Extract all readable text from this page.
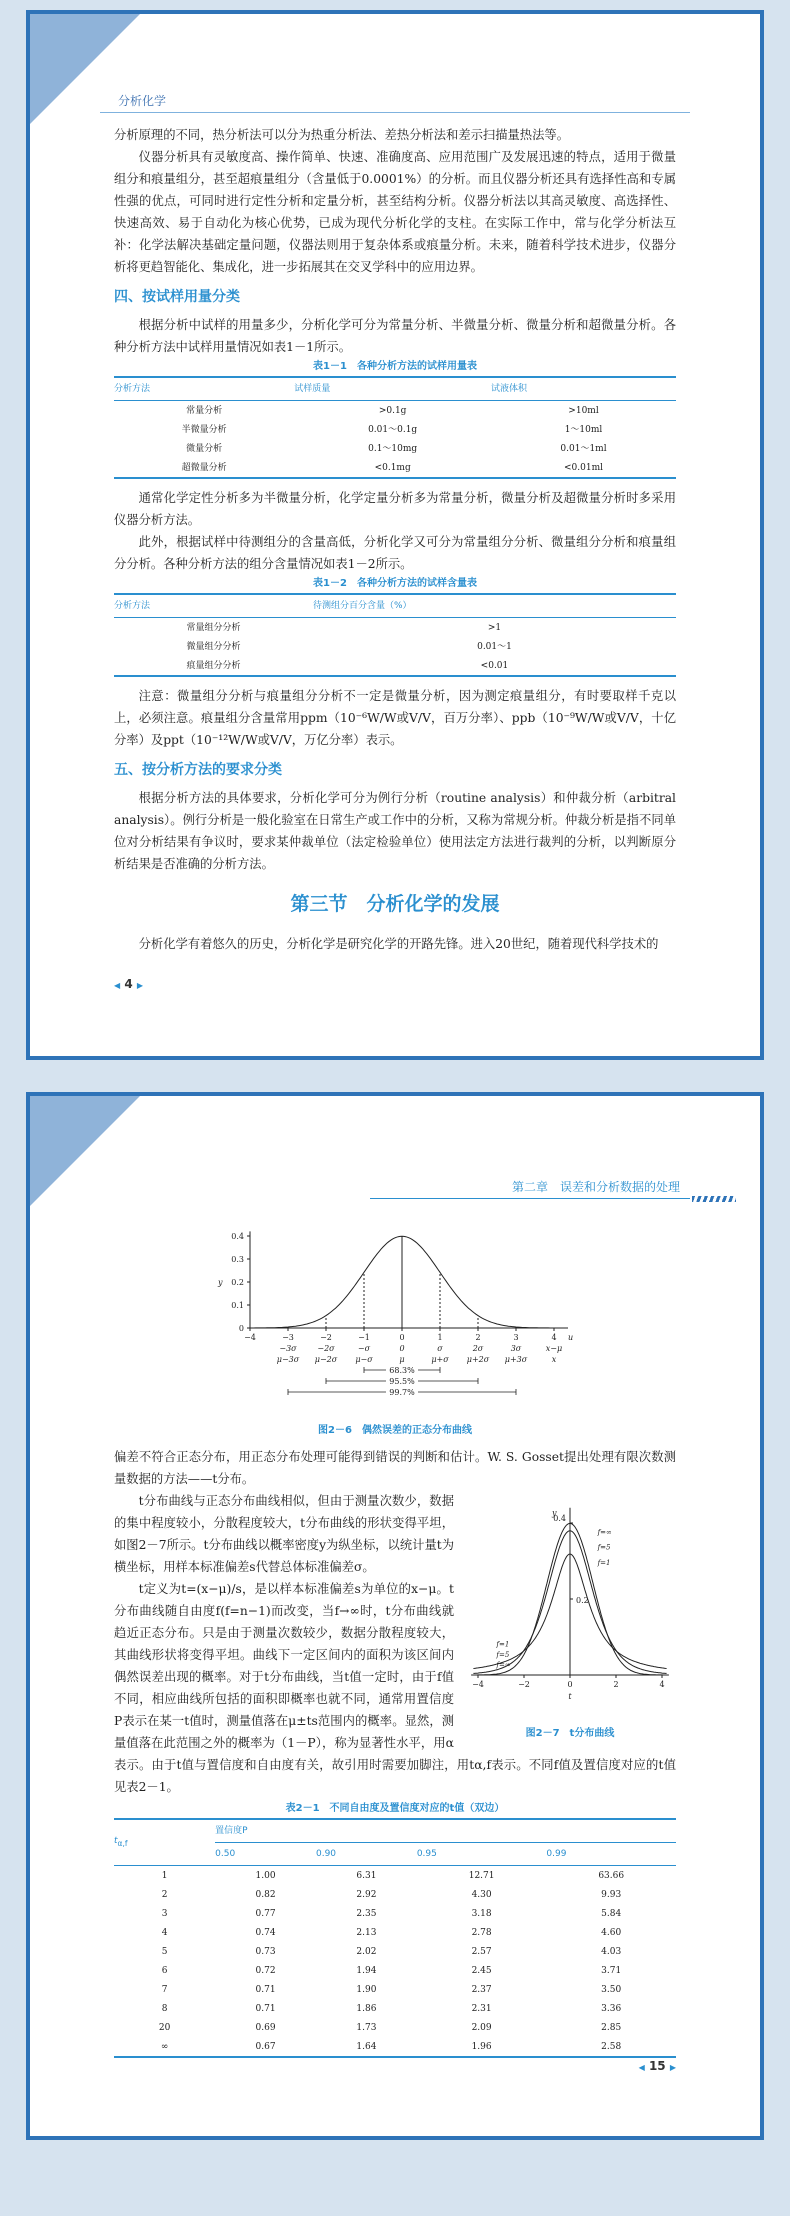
分析化学

分析原理的不同，热分析法可以分为热重分析法、差热分析法和差示扫描量热法等。

仪器分析具有灵敏度高、操作简单、快速、准确度高、应用范围广及发展迅速的特点，适用于微量组分和痕量组分，甚至超痕量组分（含量低于0.0001%）的分析。而且仪器分析还具有选择性高和专属性强的优点，可同时进行定性分析和定量分析，甚至结构分析。仪器分析法以其高灵敏度、高选择性、快速高效、易于自动化为核心优势，已成为现代分析化学的支柱。在实际工作中，常与化学分析法互补：化学法解决基础定量问题，仪器法则用于复杂体系或痕量分析。未来，随着科学技术进步，仪器分析将更趋智能化、集成化，进一步拓展其在交叉学科中的应用边界。

四、按试样用量分类

根据分析中试样的用量多少，分析化学可分为常量分析、半微量分析、微量分析和超微量分析。各种分析方法中试样用量情况如表1－1所示。

表1－1　各种分析方法的试样用量表
分析方法	试样质量	试液体积
常量分析	>0.1g	>10ml
半微量分析	0.01～0.1g	1～10ml
微量分析	0.1～10mg	0.01～1ml
超微量分析	<0.1mg	<0.01ml

通常化学定性分析多为半微量分析，化学定量分析多为常量分析，微量分析及超微量分析时多采用仪器分析方法。

此外，根据试样中待测组分的含量高低，分析化学又可分为常量组分分析、微量组分分析和痕量组分分析。各种分析方法的组分含量情况如表1－2所示。

表1－2　各种分析方法的试样含量表
分析方法	待测组分百分含量（%）
常量组分分析	>1
微量组分分析	0.01～1
痕量组分分析	<0.01

注意：微量组分分析与痕量组分分析不一定是微量分析，因为测定痕量组分，有时要取样千克以上，必须注意。痕量组分含量常用ppm（10⁻⁶W/W或V/V，百万分率）、ppb（10⁻⁹W/W或V/V，十亿分率）及ppt（10⁻¹²W/W或V/V，万亿分率）表示。

五、按分析方法的要求分类

根据分析方法的具体要求，分析化学可分为例行分析（routine analysis）和仲裁分析（arbitral analysis）。例行分析是一般化验室在日常生产或工作中的分析，又称为常规分析。仲裁分析是指不同单位对分析结果有争议时，要求某仲裁单位（法定检验单位）使用法定方法进行裁判的分析，以判断原分析结果是否准确的分析方法。

第三节　分析化学的发展

分析化学有着悠久的历史，分析化学是研究化学的开路先锋。进入20世纪，随着现代科学技术的

◀ 4 ▶
第二章　误差和分析数据的处理
0
0.1
0.2
0.3
0.4
y
−4	−3	−2	−1	0	1	2	3	4 u
−3σ	−2σ	−σ	0	σ	2σ	3σ	x−μ
μ−3σ μ−2σ μ−σ	μ	μ+σ μ+2σ μ+3σ	x
68.3%
95.5%
99.7%
图2－6　偶然误差的正态分布曲线

偏差不符合正态分布，用正态分布处理可能得到错误的判断和估计。W. S. Gosset提出处理有限次数测量数据的方法——t分布。

0.4
0.2
y
−4	−2	0	2	4
t
f=∞
f=5
f=1
f=1
f=5
f=∞
图2－7　t分布曲线

t分布曲线与正态分布曲线相似，但由于测量次数少，数据的集中程度较小，分散程度较大，t分布曲线的形状变得平坦，如图2－7所示。t分布曲线以概率密度y为纵坐标，以统计量t为横坐标，用样本标准偏差s代替总体标准偏差σ。

t定义为t=(x−μ)/s，是以样本标准偏差s为单位的x−μ。t分布曲线随自由度f(f=n−1)而改变，当f→∞时，t分布曲线就趋近正态分布。只是由于测量次数较少，数据分散程度较大，其曲线形状将变得平坦。曲线下一定区间内的面积为该区间内偶然误差出现的概率。对于t分布曲线，当t值一定时，由于f值不同，相应曲线所包括的面积即概率也就不同，通常用置信度P表示在某一t值时，测量值落在μ±ts范围内的概率。显然，测量值落在此范围之外的概率为（1－P），称为显著性水平，用α表示。由于t值与置信度和自由度有关，故引用时需要加脚注，用tα,f表示。不同f值及置信度对应的t值见表2－1。

表2－1　不同自由度及置信度对应的t值（双边）
$t_{\alpha,f}$	置信度P			
	0.50	0.90	0.95	0.99
1	1.00	6.31	12.71	63.66
2	0.82	2.92	4.30	9.93
3	0.77	2.35	3.18	5.84
4	0.74	2.13	2.78	4.60
5	0.73	2.02	2.57	4.03
6	0.72	1.94	2.45	3.71
7	0.71	1.90	2.37	3.50
8	0.71	1.86	2.31	3.36
20	0.69	1.73	2.09	2.85
∞	0.67	1.64	1.96	2.58
◀ 15 ▶
